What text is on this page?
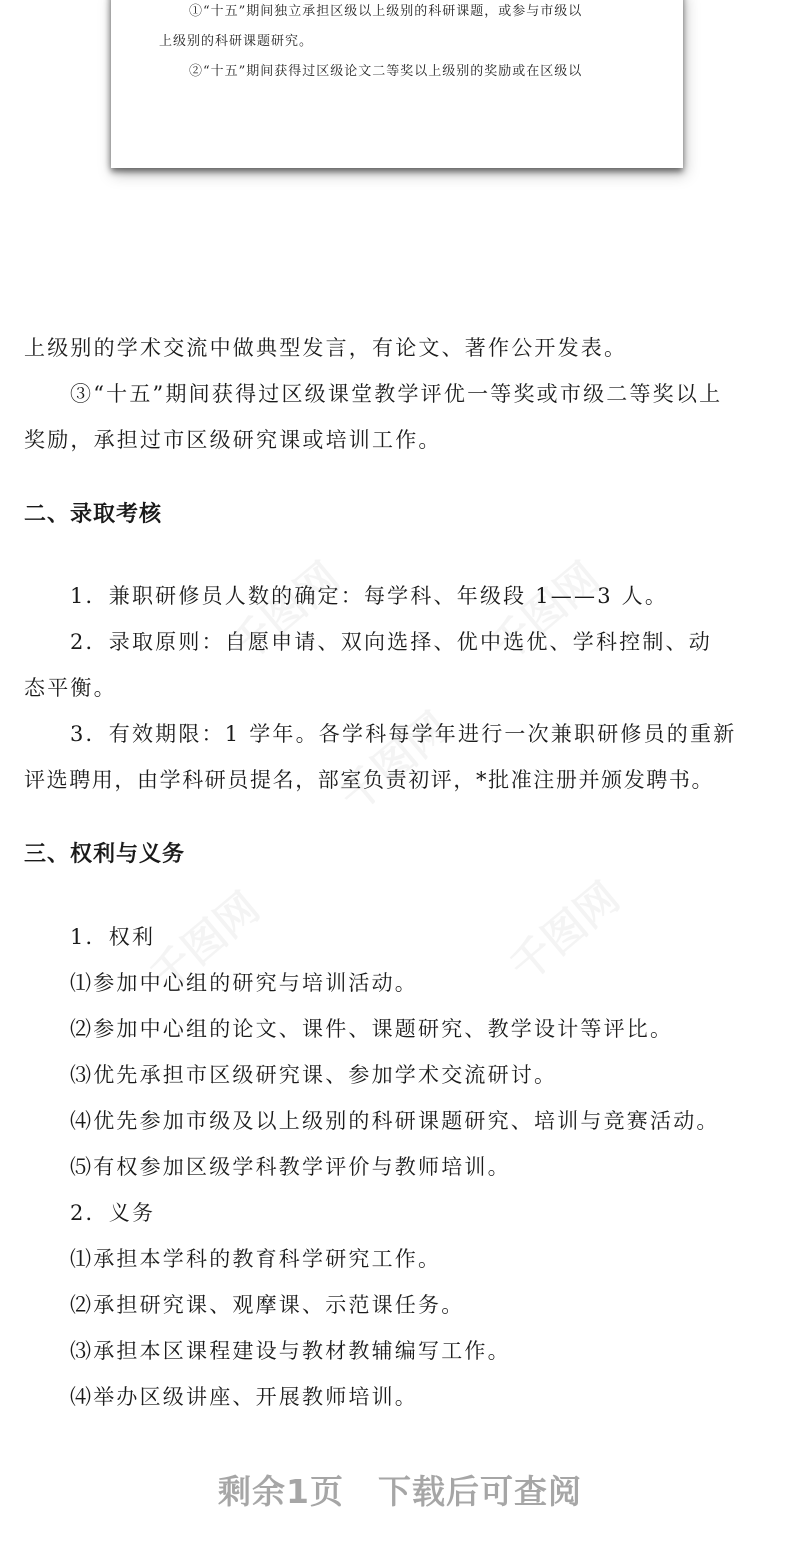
①“十五”期间独立承担区级以上级别的科研课题，或参与市级以
上级别的科研课题研究。
②“十五”期间获得过区级论文二等奖以上级别的奖励或在区级以
上级别的学术交流中做典型发言，有论文、著作公开发表。
③“十五”期间获得过区级课堂教学评优一等奖或市级二等奖以上
奖励，承担过市区级研究课或培训工作。
二、录取考核
1．兼职研修员人数的确定：每学科、年级段 1——3 人。
2．录取原则：自愿申请、双向选择、优中选优、学科控制、动
态平衡。
3．有效期限：1 学年。各学科每学年进行一次兼职研修员的重新
评选聘用，由学科研员提名，部室负责初评，*批准注册并颁发聘书。
三、权利与义务
1．权利
⑴参加中心组的研究与培训活动。
⑵参加中心组的论文、课件、课题研究、教学设计等评比。
⑶优先承担市区级研究课、参加学术交流研讨。
⑷优先参加市级及以上级别的科研课题研究、培训与竞赛活动。
⑸有权参加区级学科教学评价与教师培训。
2．义务
⑴承担本学科的教育科学研究工作。
⑵承担研究课、观摩课、示范课任务。
⑶承担本区课程建设与教材教辅编写工作。
⑷举办区级讲座、开展教师培训。
剩余1页　下载后可查阅
